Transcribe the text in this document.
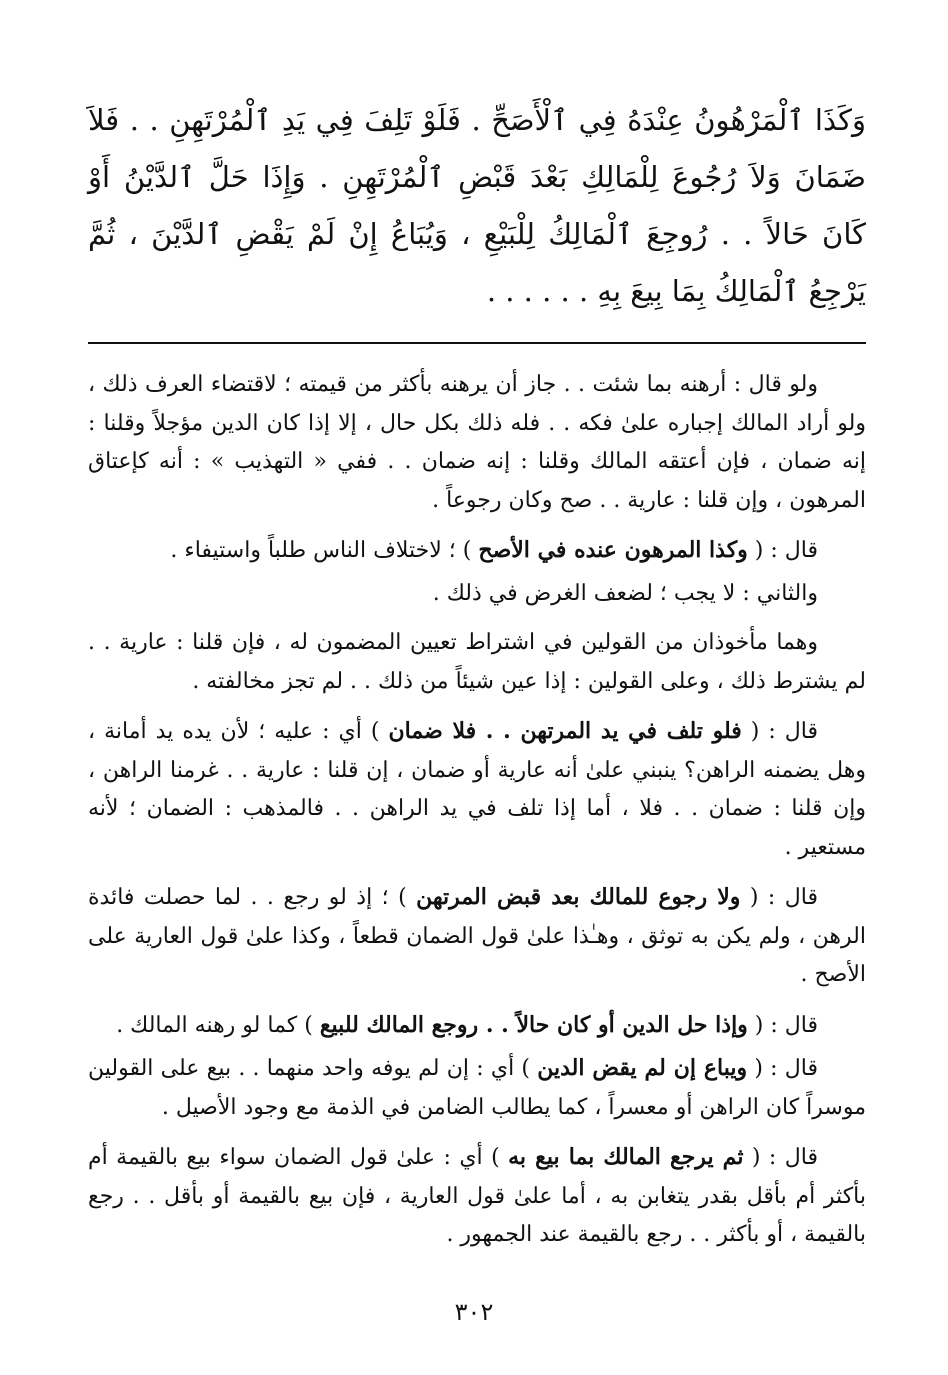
وَكَذَا ٱلْمَرْهُونُ عِنْدَهُ فِي ٱلْأَصَحِّ . فَلَوْ تَلِفَ فِي يَدِ ٱلْمُرْتَهِنِ . . فَلاَ ضَمَانَ وَلاَ رُجُوعَ لِلْمَالِكِ بَعْدَ قَبْضِ ٱلْمُرْتَهِنِ . وَإِذَا حَلَّ ٱلدَّيْنُ أَوْ كَانَ حَالاً . . رُوجِعَ ٱلْمَالِكُ لِلْبَيْعِ ، وَيُبَاعُ إِنْ لَمْ يَقْضِ ٱلدَّيْنَ ، ثُمَّ يَرْجِعُ ٱلْمَالِكُ بِمَا بِيعَ بِهِ . . . . . .

ولو قال : أرهنه بما شئت . . جاز أن يرهنه بأكثر من قيمته ؛ لاقتضاء العرف ذلك ، ولو أراد المالك إجباره علىٰ فكه . . فله ذلك بكل حال ، إلا إذا كان الدين مؤجلاً وقلنا : إنه ضمان ، فإن أعتقه المالك وقلنا : إنه ضمان . . ففي « التهذيب » : أنه كإعتاق المرهون ، وإن قلنا : عارية . . صح وكان رجوعاً .

قال : ( وكذا المرهون عنده في الأصح ) ؛ لاختلاف الناس طلباً واستيفاء .

والثاني : لا يجب ؛ لضعف الغرض في ذلك .

وهما مأخوذان من القولين في اشتراط تعيين المضمون له ، فإن قلنا : عارية . . لم يشترط ذلك ، وعلى القولين : إذا عين شيئاً من ذلك . . لم تجز مخالفته .

قال : ( فلو تلف في يد المرتهن . . فلا ضمان ) أي : عليه ؛ لأن يده يد أمانة ، وهل يضمنه الراهن؟ ينبني علىٰ أنه عارية أو ضمان ، إن قلنا : عارية . . غرمنا الراهن ، وإن قلنا : ضمان . . فلا ، أما إذا تلف في يد الراهن . . فالمذهب : الضمان ؛ لأنه مستعير .

قال : ( ولا رجوع للمالك بعد قبض المرتهن ) ؛ إذ لو رجع . . لما حصلت فائدة الرهن ، ولم يكن به توثق ، وهـٰذا علىٰ قول الضمان قطعاً ، وكذا علىٰ قول العارية على الأصح .

قال : ( وإذا حل الدين أو كان حالاً . . روجع المالك للبيع ) كما لو رهنه المالك .

قال : ( ويباع إن لم يقض الدين ) أي : إن لم يوفه واحد منهما . . بيع على القولين موسراً كان الراهن أو معسراً ، كما يطالب الضامن في الذمة مع وجود الأصيل .

قال : ( ثم يرجع المالك بما بيع به ) أي : علىٰ قول الضمان سواء بيع بالقيمة أم بأكثر أم بأقل بقدر يتغابن به ، أما علىٰ قول العارية ، فإن بيع بالقيمة أو بأقل . . رجع بالقيمة ، أو بأكثر . . رجع بالقيمة عند الجمهور .

٣٠٢
